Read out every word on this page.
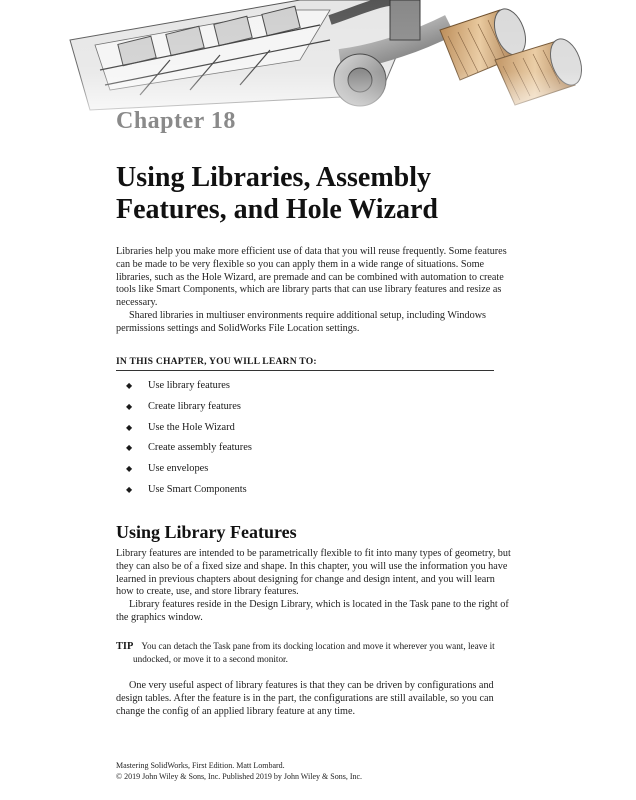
Chapter 18
Using Libraries, Assembly
Features, and Hole Wizard
Libraries help you make more efficient use of data that you will reuse frequently. Some features
can be made to be very flexible so you can apply them in a wide range of situations. Some
libraries, such as the Hole Wizard, are premade and can be combined with automation to create
tools like Smart Components, which are library parts that can use library features and resize as
necessary.
Shared libraries in multiuser environments require additional setup, including Windows
permissions settings and SolidWorks File Location settings.
IN THIS CHAPTER, YOU WILL LEARN TO:
◆ Use library features
◆ Create library features
◆ Use the Hole Wizard
◆ Create assembly features
◆ Use envelopes
◆ Use Smart Components
Using Library Features
Library features are intended to be parametrically flexible to fit into many types of geometry, but
they can also be of a fixed size and shape. In this chapter, you will use the information you have
learned in previous chapters about designing for change and design intent, and you will learn
how to create, use, and store library features.
Library features reside in the Design Library, which is located in the Task pane to the right of
the graphics window.
TIP You can detach the Task pane from its docking location and move it wherever you want, leave it
undocked, or move it to a second monitor.
One very useful aspect of library features is that they can be driven by configurations and
design tables. After the feature is in the part, the configurations are still available, so you can
change the config of an applied library feature at any time.
Mastering SolidWorks, First Edition. Matt Lombard.
© 2019 John Wiley & Sons, Inc. Published 2019 by John Wiley & Sons, Inc.
